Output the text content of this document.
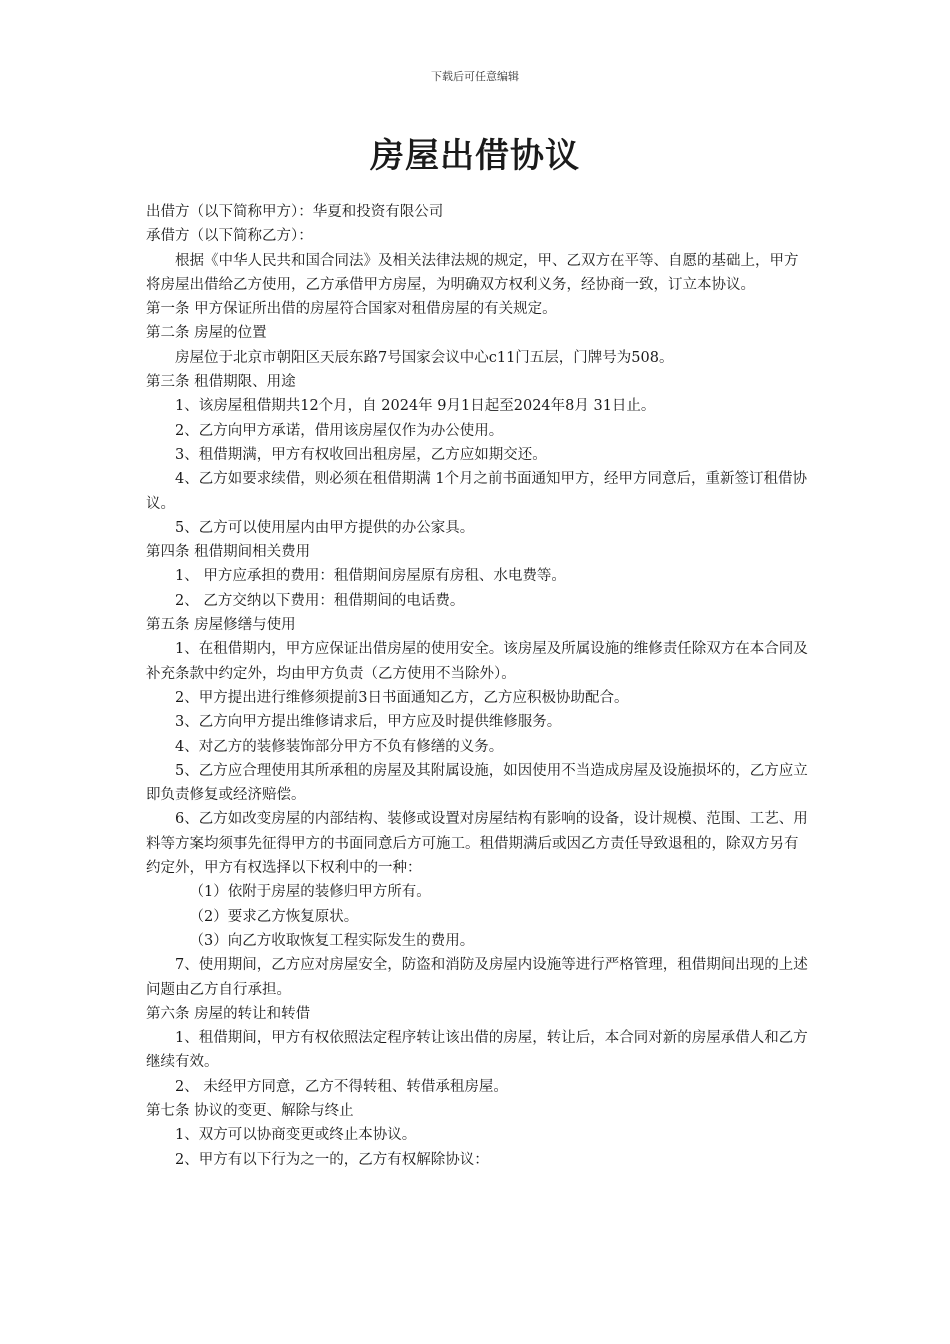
下载后可任意编辑
房屋出借协议

出借方（以下简称甲方）：华夏和投资有限公司

承借方（以下简称乙方）：

根据《中华人民共和国合同法》及相关法律法规的规定，甲、乙双方在平等、自愿的基础上，甲方将房屋出借给乙方使用，乙方承借甲方房屋，为明确双方权利义务，经协商一致，订立本协议。

第一条 甲方保证所出借的房屋符合国家对租借房屋的有关规定。

第二条 房屋的位置

房屋位于北京市朝阳区天辰东路7号国家会议中心c11门五层，门牌号为508。

第三条 租借期限、用途

1、该房屋租借期共12个月，自 2024年 9月1日起至2024年8月 31日止。

2、乙方向甲方承诺，借用该房屋仅作为办公使用。

3、租借期满，甲方有权收回出租房屋，乙方应如期交还。

4、乙方如要求续借，则必须在租借期满 1个月之前书面通知甲方，经甲方同意后，重新签订租借协议。

5、乙方可以使用屋内由甲方提供的办公家具。

第四条 租借期间相关费用

1、 甲方应承担的费用：租借期间房屋原有房租、水电费等。

2、 乙方交纳以下费用：租借期间的电话费。

第五条 房屋修缮与使用

1、在租借期内，甲方应保证出借房屋的使用安全。该房屋及所属设施的维修责任除双方在本合同及补充条款中约定外，均由甲方负责（乙方使用不当除外）。

2、甲方提出进行维修须提前3日书面通知乙方，乙方应积极协助配合。

3、乙方向甲方提出维修请求后，甲方应及时提供维修服务。

4、对乙方的装修装饰部分甲方不负有修缮的义务。

5、乙方应合理使用其所承租的房屋及其附属设施，如因使用不当造成房屋及设施损坏的，乙方应立即负责修复或经济赔偿。

6、乙方如改变房屋的内部结构、装修或设置对房屋结构有影响的设备，设计规模、范围、工艺、用料等方案均须事先征得甲方的书面同意后方可施工。租借期满后或因乙方责任导致退租的，除双方另有约定外，甲方有权选择以下权利中的一种：

（1）依附于房屋的装修归甲方所有。

（2）要求乙方恢复原状。

（3）向乙方收取恢复工程实际发生的费用。

7、使用期间，乙方应对房屋安全，防盗和消防及房屋内设施等进行严格管理，租借期间出现的上述问题由乙方自行承担。

第六条 房屋的转让和转借

1、租借期间，甲方有权依照法定程序转让该出借的房屋，转让后，本合同对新的房屋承借人和乙方继续有效。

2、 未经甲方同意，乙方不得转租、转借承租房屋。

第七条 协议的变更、解除与终止

1、双方可以协商变更或终止本协议。

2、甲方有以下行为之一的，乙方有权解除协议：
